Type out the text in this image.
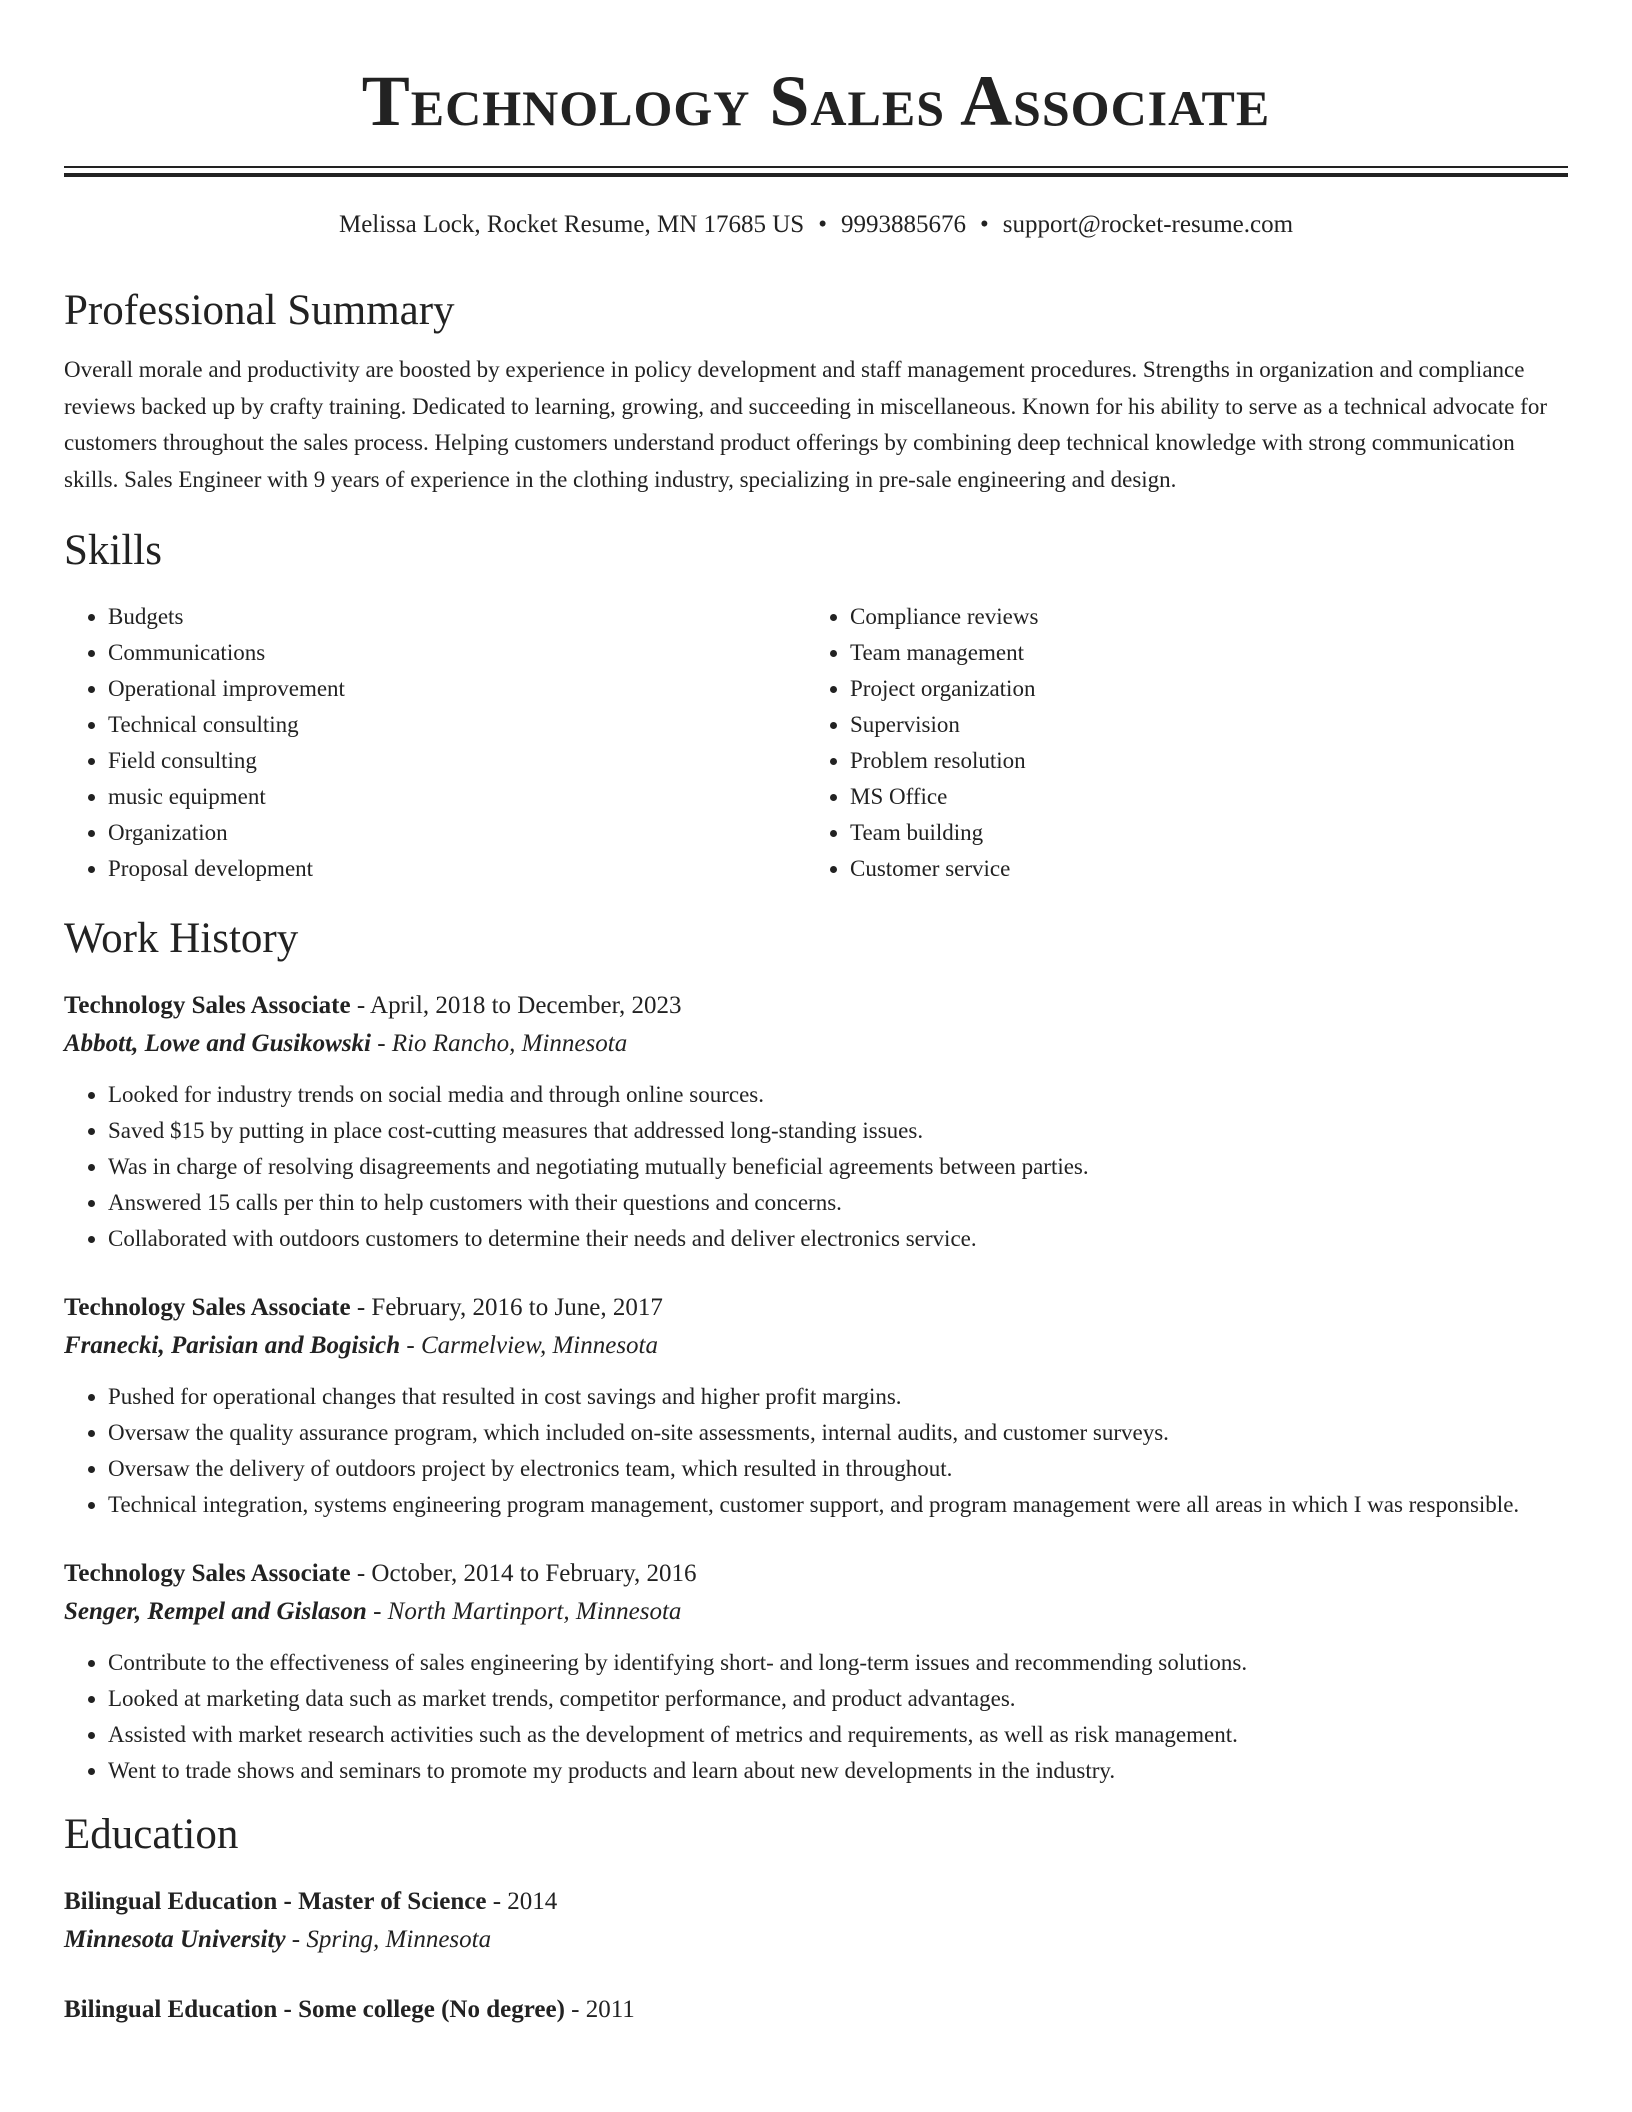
Technology Sales Associate
Melissa Lock, Rocket Resume, MN 17685 US • 9993885676 • support@rocket-resume.com
Professional Summary
Overall morale and productivity are boosted by experience in policy development and staff management procedures. Strengths in organization and compliance reviews backed up by crafty training. Dedicated to learning, growing, and succeeding in miscellaneous. Known for his ability to serve as a technical advocate for customers throughout the sales process. Helping customers understand product offerings by combining deep technical knowledge with strong communication skills. Sales Engineer with 9 years of experience in the clothing industry, specializing in pre-sale engineering and design.
Skills
• Budgets
• Communications
• Operational improvement
• Technical consulting
• Field consulting
• music equipment
• Organization
• Proposal development
• Compliance reviews
• Team management
• Project organization
• Supervision
• Problem resolution
• MS Office
• Team building
• Customer service
Work History
Technology Sales Associate - April, 2018 to December, 2023
Abbott, Lowe and Gusikowski - Rio Rancho, Minnesota
• Looked for industry trends on social media and through online sources.
• Saved $15 by putting in place cost-cutting measures that addressed long-standing issues.
• Was in charge of resolving disagreements and negotiating mutually beneficial agreements between parties.
• Answered 15 calls per thin to help customers with their questions and concerns.
• Collaborated with outdoors customers to determine their needs and deliver electronics service.
Technology Sales Associate - February, 2016 to June, 2017
Franecki, Parisian and Bogisich - Carmelview, Minnesota
• Pushed for operational changes that resulted in cost savings and higher profit margins.
• Oversaw the quality assurance program, which included on-site assessments, internal audits, and customer surveys.
• Oversaw the delivery of outdoors project by electronics team, which resulted in throughout.
• Technical integration, systems engineering program management, customer support, and program management were all areas in which I was responsible.
Technology Sales Associate - October, 2014 to February, 2016
Senger, Rempel and Gislason - North Martinport, Minnesota
• Contribute to the effectiveness of sales engineering by identifying short- and long-term issues and recommending solutions.
• Looked at marketing data such as market trends, competitor performance, and product advantages.
• Assisted with market research activities such as the development of metrics and requirements, as well as risk management.
• Went to trade shows and seminars to promote my products and learn about new developments in the industry.
Education
Bilingual Education - Master of Science - 2014
Minnesota University - Spring, Minnesota
Bilingual Education - Some college (No degree) - 2011
